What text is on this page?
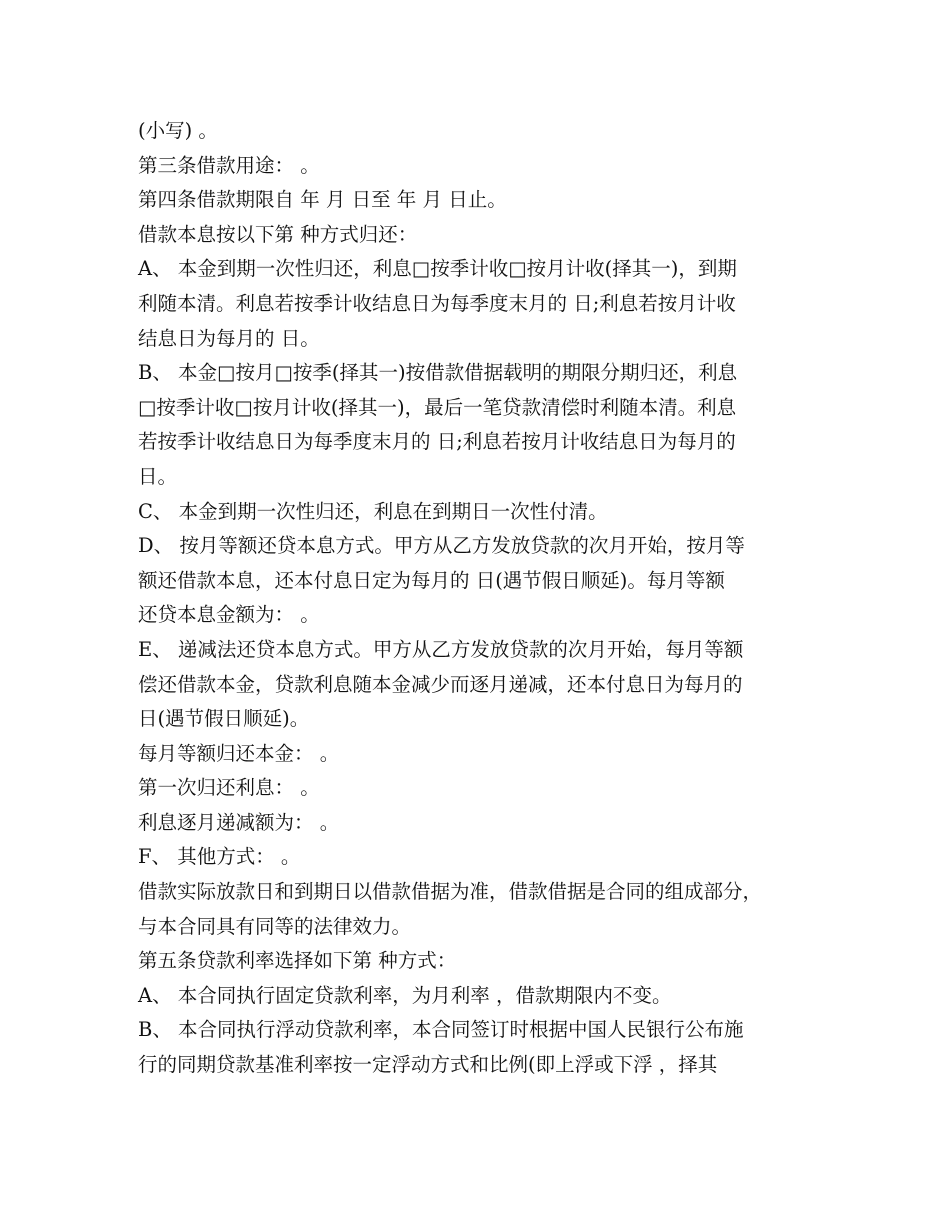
(小写) 。
第三条借款用途： 。
第四条借款期限自 年 月 日至 年 月 日止。
借款本息按以下第 种方式归还：
A、 本金到期一次性归还，利息□按季计收□按月计收(择其一)，到期
利随本清。利息若按季计收结息日为每季度末月的 日;利息若按月计收
结息日为每月的 日。
B、 本金□按月□按季(择其一)按借款借据载明的期限分期归还，利息
□按季计收□按月计收(择其一)，最后一笔贷款清偿时利随本清。利息
若按季计收结息日为每季度末月的 日;利息若按月计收结息日为每月的
日。
C、 本金到期一次性归还，利息在到期日一次性付清。
D、 按月等额还贷本息方式。甲方从乙方发放贷款的次月开始，按月等
额还借款本息，还本付息日定为每月的 日(遇节假日顺延)。每月等额
还贷本息金额为： 。
E、 递减法还贷本息方式。甲方从乙方发放贷款的次月开始，每月等额
偿还借款本金，贷款利息随本金减少而逐月递减，还本付息日为每月的
日(遇节假日顺延)。
每月等额归还本金： 。
第一次归还利息： 。
利息逐月递减额为： 。
F、 其他方式： 。
借款实际放款日和到期日以借款借据为准，借款借据是合同的组成部分，
与本合同具有同等的法律效力。
第五条贷款利率选择如下第 种方式：
A、 本合同执行固定贷款利率，为月利率 ，借款期限内不变。
B、 本合同执行浮动贷款利率，本合同签订时根据中国人民银行公布施
行的同期贷款基准利率按一定浮动方式和比例(即上浮或下浮 ，择其
